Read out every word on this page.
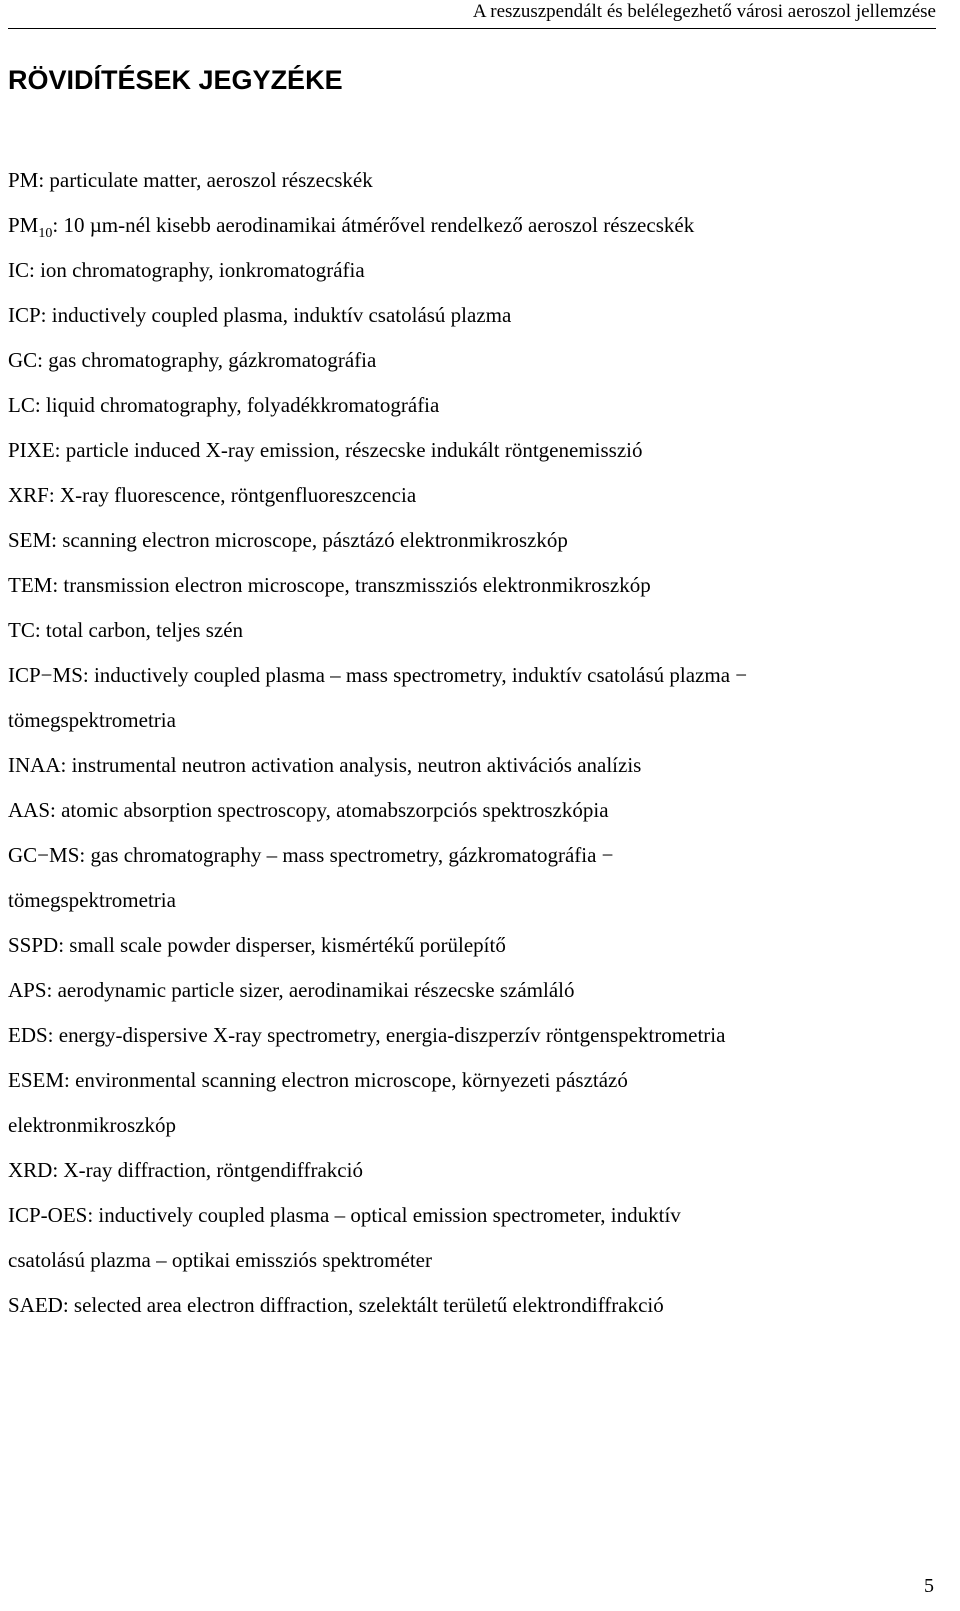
A reszuszpendált és belélegezhető városi aeroszol jellemzése
RÖVIDÍTÉSEK JEGYZÉKE
PM: particulate matter, aeroszol részecskék
$PM_{10}$: 10 µm-nél kisebb aerodinamikai átmérővel rendelkező aeroszol részecskék
IC: ion chromatography, ionkromatográfia
ICP: inductively coupled plasma, induktív csatolású plazma
GC: gas chromatography, gázkromatográfia
LC: liquid chromatography, folyadékkromatográfia
PIXE: particle induced X-ray emission, részecske indukált röntgenemisszió
XRF: X-ray fluorescence, röntgenfluoreszcencia
SEM: scanning electron microscope, pásztázó elektronmikroszkóp
TEM: transmission electron microscope, transzmissziós elektronmikroszkóp
TC: total carbon, teljes szén
ICP−MS: inductively coupled plasma – mass spectrometry, induktív csatolású plazma −
tömegspektrometria
INAA: instrumental neutron activation analysis, neutron aktivációs analízis
AAS: atomic absorption spectroscopy, atomabszorpciós spektroszkópia
GC−MS: gas chromatography – mass spectrometry, gázkromatográfia −
tömegspektrometria
SSPD: small scale powder disperser, kismértékű porülepítő
APS: aerodynamic particle sizer, aerodinamikai részecske számláló
EDS: energy-dispersive X-ray spectrometry, energia-diszperzív röntgenspektrometria
ESEM: environmental scanning electron microscope, környezeti pásztázó
elektronmikroszkóp
XRD: X-ray diffraction, röntgendiffrakció
ICP-OES: inductively coupled plasma – optical emission spectrometer, induktív
csatolású plazma – optikai emissziós spektrométer
SAED: selected area electron diffraction, szelektált területű elektrondiffrakció
5
